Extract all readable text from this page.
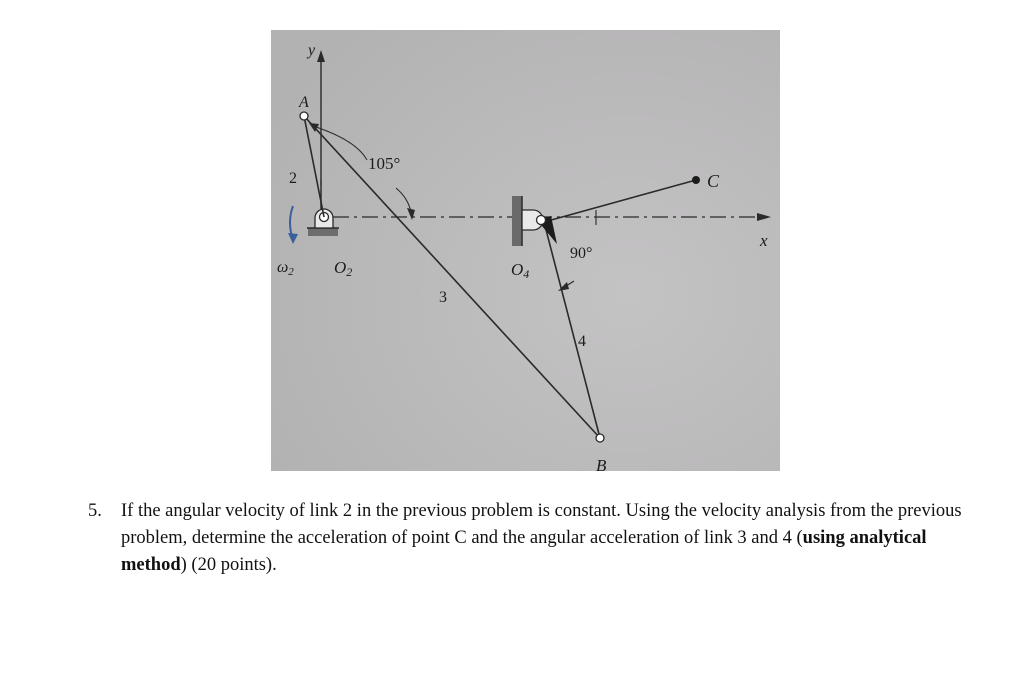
y
x
A
B
C
2
3
4
105°
90°
ω2 O2	O4
5. If the angular velocity of link 2 in the previous problem is constant. Using the velocity analysis from the previous problem, determine the acceleration of point C and the angular acceleration of link 3 and 4 (using analytical method) (20 points).
